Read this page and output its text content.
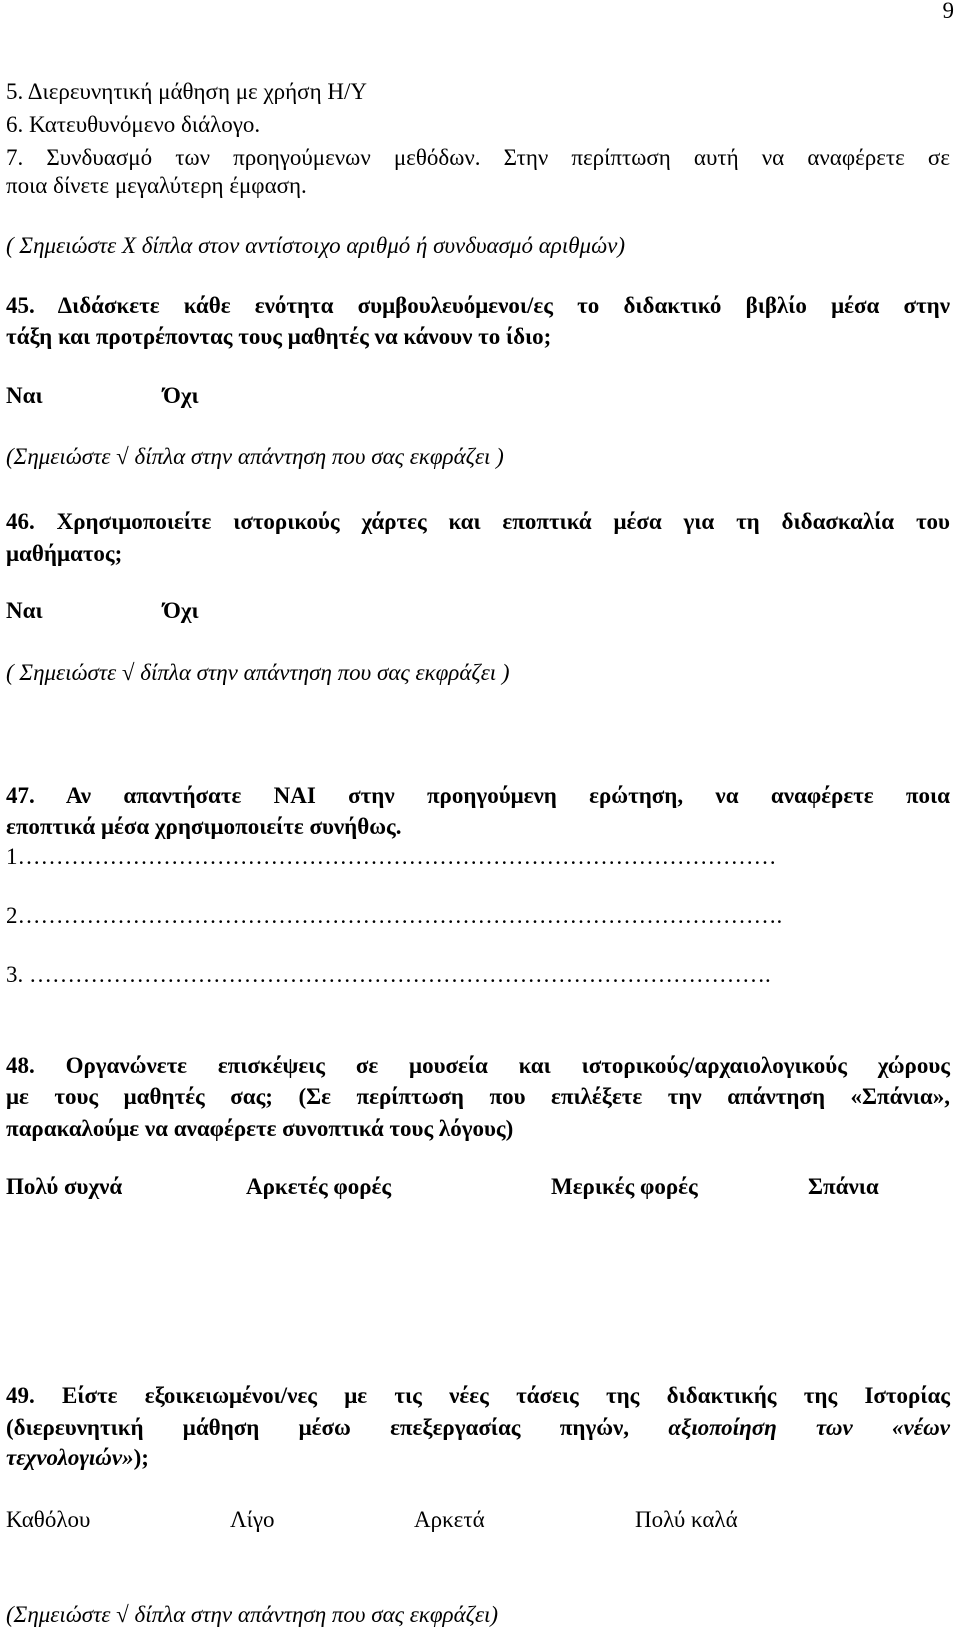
9
5. Διερευνητική μάθηση με χρήση Η/Υ
6. Κατευθυνόμενο διάλογο.
7. Συνδυασμό των προηγούμενων μεθόδων. Στην περίπτωση αυτή να αναφέρετε σε
ποια δίνετε μεγαλύτερη έμφαση.
( Σημειώστε Χ δίπλα στον αντίστοιχο αριθμό ή συνδυασμό αριθμών)
45. Διδάσκετε κάθε ενότητα συμβουλευόμενοι/ες το διδακτικό βιβλίο μέσα στην
τάξη και προτρέποντας τους μαθητές να κάνουν το ίδιο;
Ναι	Όχι
(Σημειώστε √ δίπλα στην απάντηση που σας εκφράζει )
46. Χρησιμοποιείτε ιστορικούς χάρτες και εποπτικά μέσα για τη διδασκαλία του
μαθήματος;
Ναι	Όχι
( Σημειώστε √ δίπλα στην απάντηση που σας εκφράζει )
47. Αν απαντήσατε ΝΑΙ στην προηγούμενη ερώτηση, να αναφέρετε ποια
εποπτικά μέσα χρησιμοποιείτε συνήθως.
1………………………………………………………………………………………
2……………………………………………………………………………………….
3. …………………………………………………………………………………….
48. Οργανώνετε επισκέψεις σε μουσεία και ιστορικούς/αρχαιολογικούς χώρους
με τους μαθητές σας; (Σε περίπτωση που επιλέξετε την απάντηση «Σπάνια»,
παρακαλούμε να αναφέρετε συνοπτικά τους λόγους)
Πολύ συχνά	Αρκετές φορές	Μερικές φορές	Σπάνια
49. Είστε εξοικειωμένοι/νες με τις νέες τάσεις της διδακτικής της Ιστορίας
(διερευνητική μάθηση μέσω επεξεργασίας πηγών, αξιοποίηση των «νέων
τεχνολογιών»);
Καθόλου	Λίγο	Αρκετά	Πολύ καλά
(Σημειώστε √ δίπλα στην απάντηση που σας εκφράζει)
